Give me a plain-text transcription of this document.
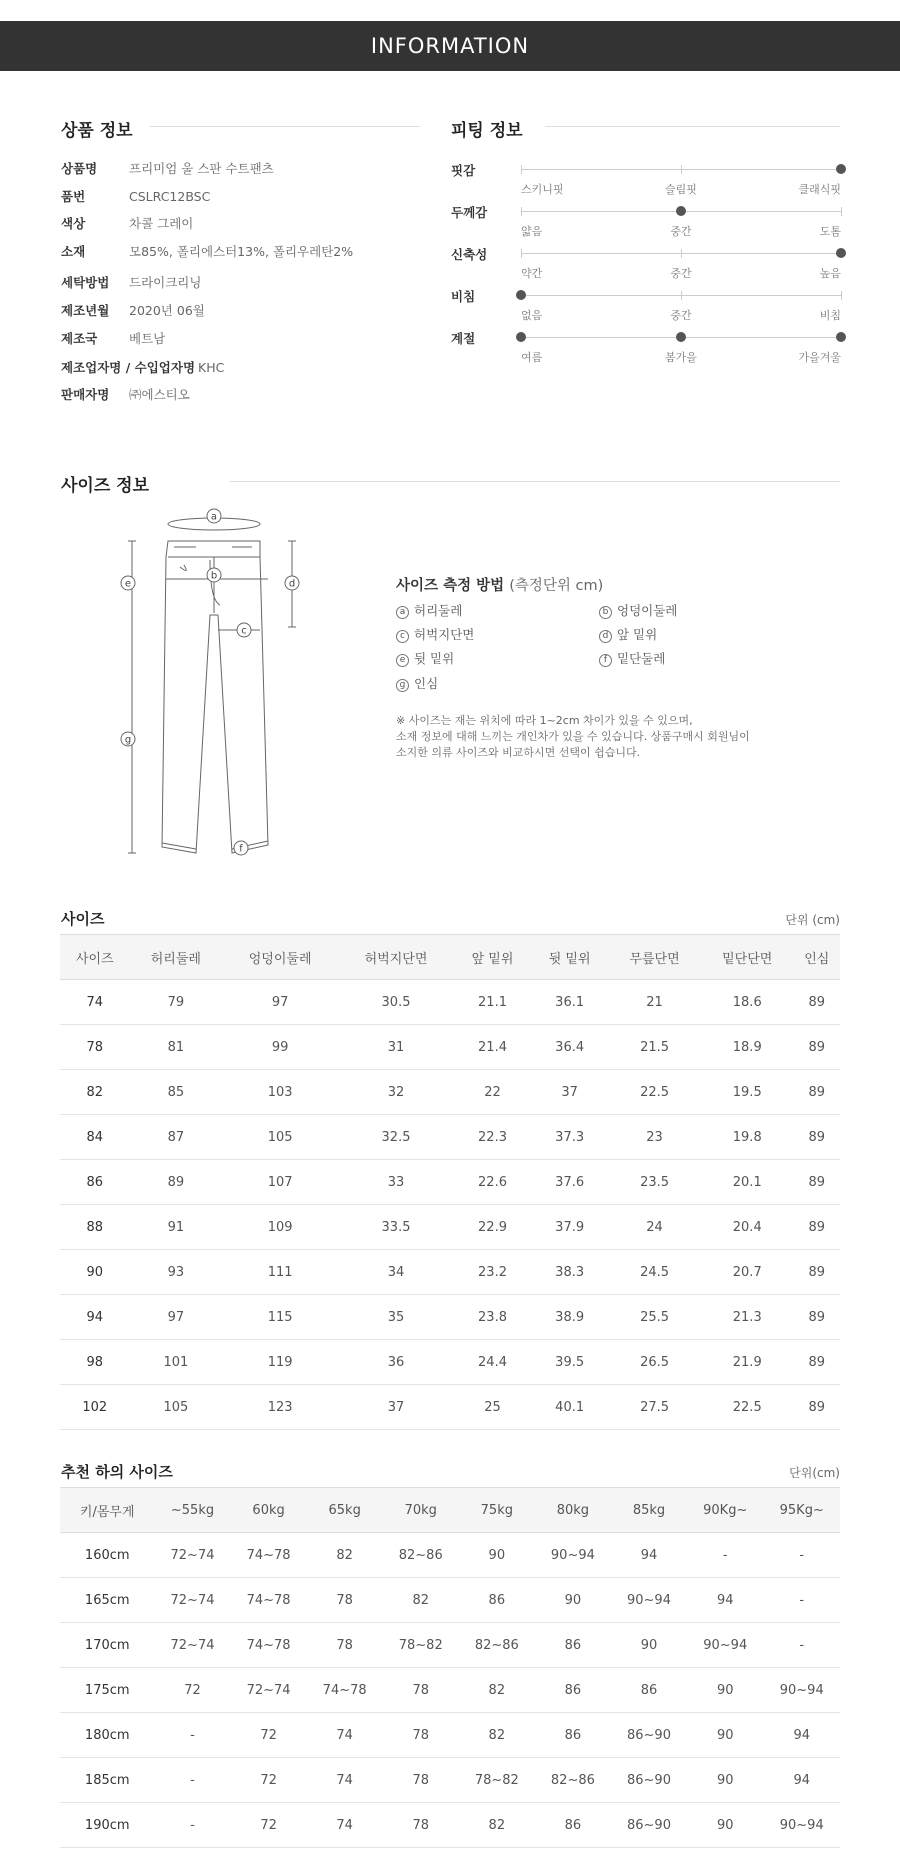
INFORMATION
상품 정보
상품명	프리미엄 울 스판 수트팬츠
품번	CSLRC12BSC
색상	차콜 그레이
소재	모85%, 폴리에스터13%, 폴리우레탄2%
세탁방법 드라이크리닝
제조년월 2020년 06월
제조국	베트남
제조업자명 / 수입업자명 KHC
판매자명 ㈜에스티오
피팅 정보
핏감
스키니핏	슬림핏	클래식핏
두께감
얇음	중간	도톰
신축성
약간	중간	높음
비침
없음	중간	비침
계절
여름	봄가을	가을겨울
사이즈 정보
a
b
c
d
e
f
g
사이즈 측정 방법 (측정단위 cm)
a 허리둘레	b 엉덩이둘레
c 허벅지단면	d 앞 밑위
e 뒷 밑위	f 밑단둘레
g 인심
※ 사이즈는 재는 위치에 따라 1~2cm 차이가 있을 수 있으며,
소재 정보에 대해 느끼는 개인차가 있을 수 있습니다. 상품구매시 회원님이
소지한 의류 사이즈와 비교하시면 선택이 쉽습니다.
사이즈	단위 (cm)
사이즈	허리둘레	엉덩이둘레	허벅지단면	앞 밑위	뒷 밑위	무릎단면	밑단단면	인심
74	79	97	30.5	21.1	36.1	21	18.6	89
78	81	99	31	21.4	36.4	21.5	18.9	89
82	85	103	32	22	37	22.5	19.5	89
84	87	105	32.5	22.3	37.3	23	19.8	89
86	89	107	33	22.6	37.6	23.5	20.1	89
88	91	109	33.5	22.9	37.9	24	20.4	89
90	93	111	34	23.2	38.3	24.5	20.7	89
94	97	115	35	23.8	38.9	25.5	21.3	89
98	101	119	36	24.4	39.5	26.5	21.9	89
102	105	123	37	25	40.1	27.5	22.5	89
추천 하의 사이즈	단위(cm)
키/몸무게	~55kg	60kg	65kg	70kg	75kg	80kg	85kg	90Kg~	95Kg~
160cm	72~74	74~78	82	82~86	90	90~94	94	-	-
165cm	72~74	74~78	78	82	86	90	90~94	94	-
170cm	72~74	74~78	78	78~82	82~86	86	90	90~94	-
175cm	72	72~74	74~78	78	82	86	86	90	90~94
180cm	-	72	74	78	82	86	86~90	90	94
185cm	-	72	74	78	78~82	82~86	86~90	90	94
190cm	-	72	74	78	82	86	86~90	90	90~94
